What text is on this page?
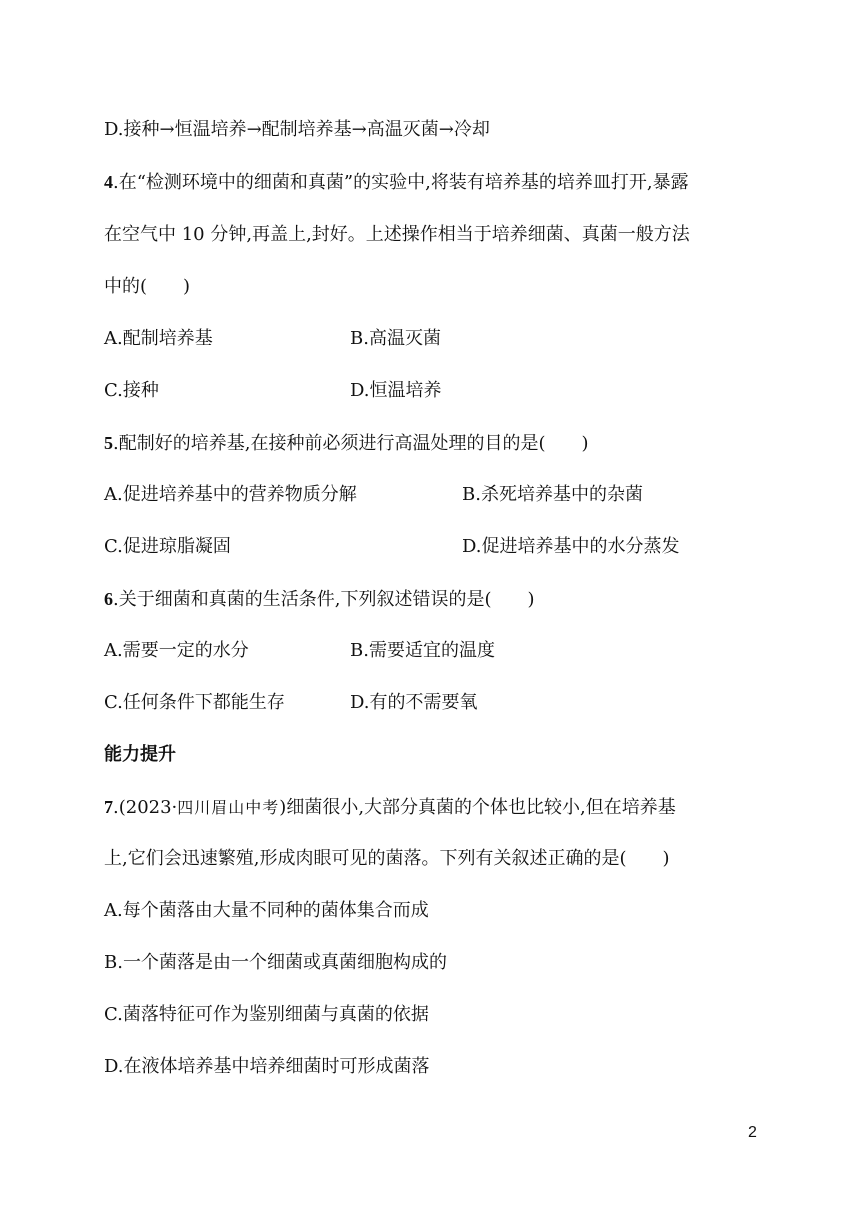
D.接种→恒温培养→配制培养基→高温灭菌→冷却
4.在“检测环境中的细菌和真菌”的实验中,将装有培养基的培养皿打开,暴露
在空气中 10 分钟,再盖上,封好。上述操作相当于培养细菌、真菌一般方法
中的(　　)
A.配制培养基	B.高温灭菌
C.接种	D.恒温培养
5.配制好的培养基,在接种前必须进行高温处理的目的是(　　)
A.促进培养基中的营养物质分解	B.杀死培养基中的杂菌
C.促进琼脂凝固	D.促进培养基中的水分蒸发
6.关于细菌和真菌的生活条件,下列叙述错误的是(　　)
A.需要一定的水分	B.需要适宜的温度
C.任何条件下都能生存	D.有的不需要氧
能力提升
7.(2023·四川眉山中考)细菌很小,大部分真菌的个体也比较小,但在培养基
上,它们会迅速繁殖,形成肉眼可见的菌落。下列有关叙述正确的是(　　)
A.每个菌落由大量不同种的菌体集合而成
B.一个菌落是由一个细菌或真菌细胞构成的
C.菌落特征可作为鉴别细菌与真菌的依据
D.在液体培养基中培养细菌时可形成菌落
2
